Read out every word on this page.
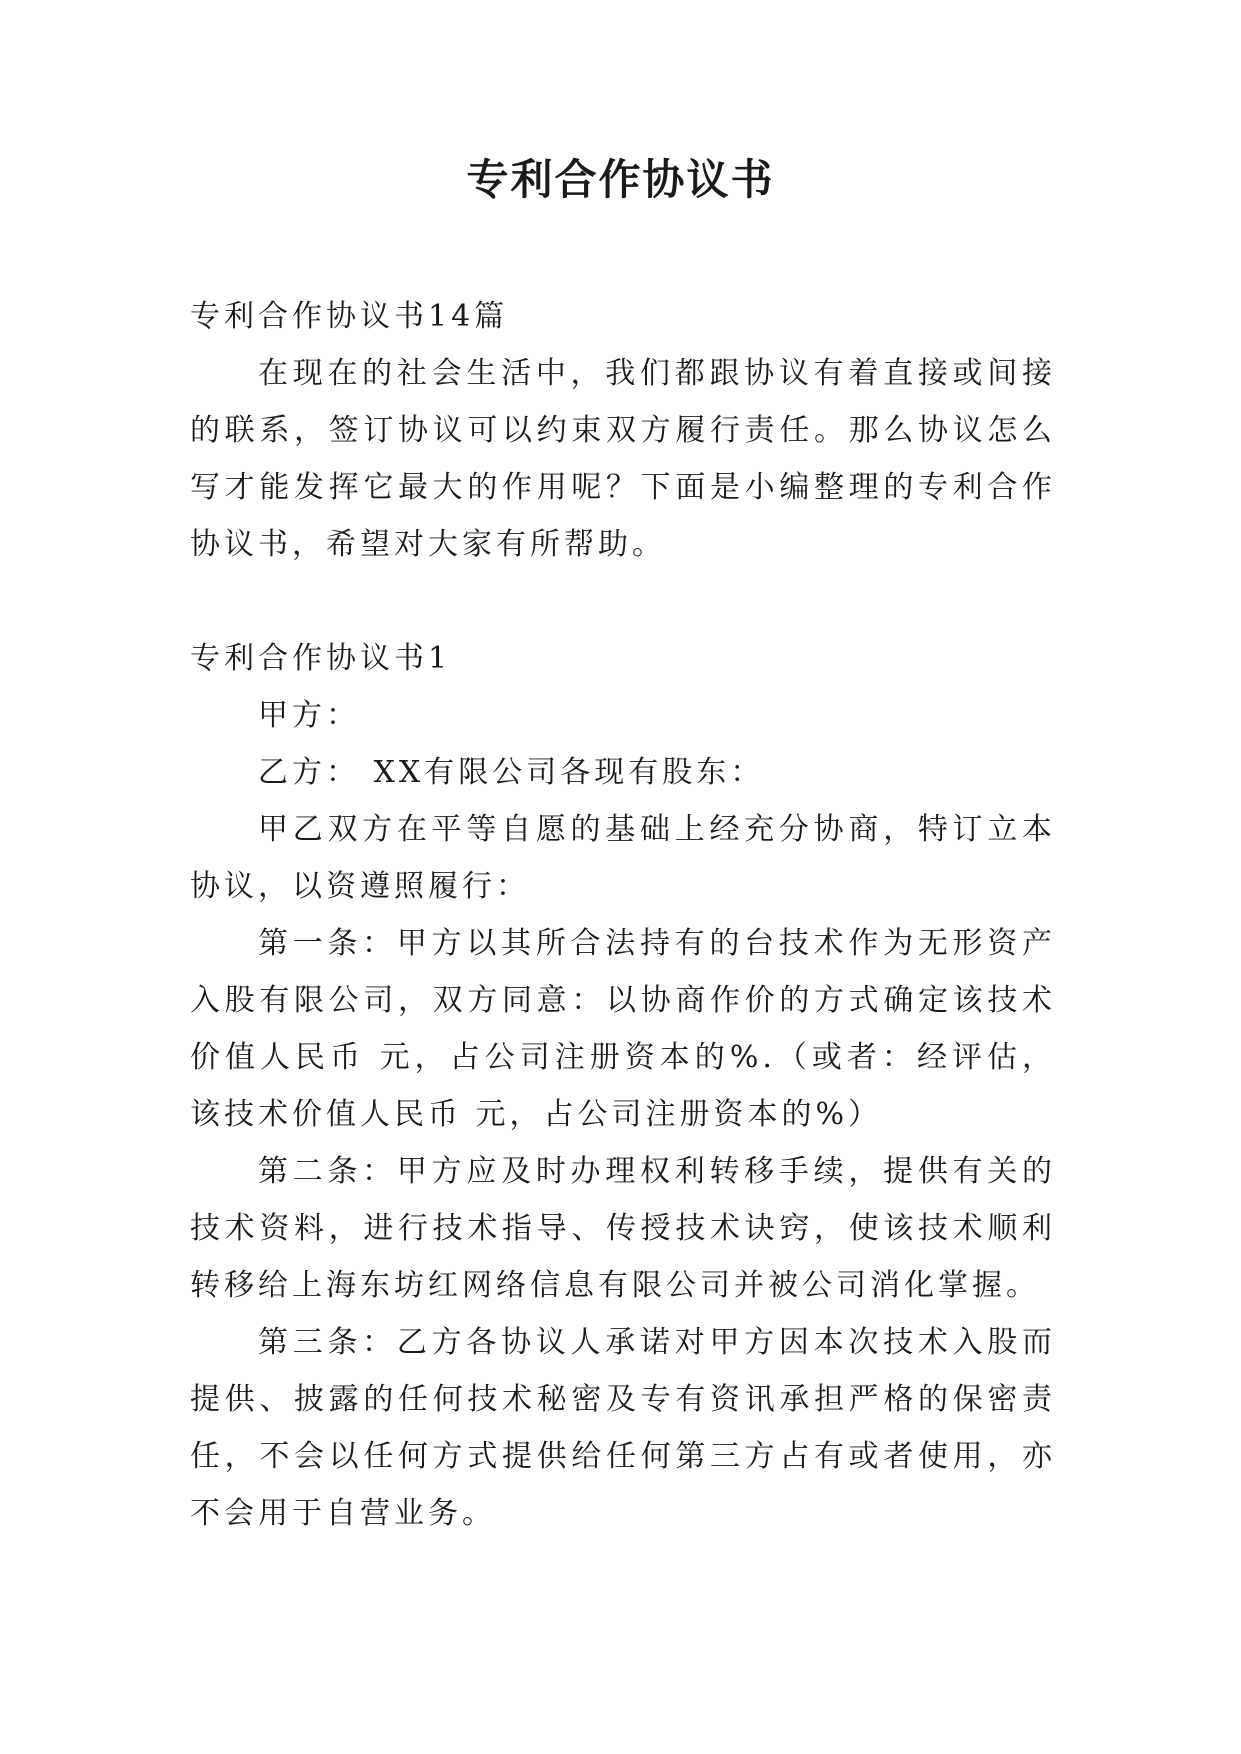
专利合作协议书

专利合作协议书14篇

在现在的社会生活中，我们都跟协议有着直接或间接的联系，签订协议可以约束双方履行责任。那么协议怎么写才能发挥它最大的作用呢？下面是小编整理的专利合作协议书，希望对大家有所帮助。

专利合作协议书1

甲方：

乙方： XX有限公司各现有股东：

甲乙双方在平等自愿的基础上经充分协商，特订立本协议，以资遵照履行：

第一条：甲方以其所合法持有的台技术作为无形资产入股有限公司，双方同意：以协商作价的方式确定该技术价值人民币 元，占公司注册资本的%.（或者：经评估，该技术价值人民币 元，占公司注册资本的%）

第二条：甲方应及时办理权利转移手续，提供有关的技术资料，进行技术指导、传授技术诀窍，使该技术顺利转移给上海东坊红网络信息有限公司并被公司消化掌握。

第三条：乙方各协议人承诺对甲方因本次技术入股而提供、披露的任何技术秘密及专有资讯承担严格的保密责任，不会以任何方式提供给任何第三方占有或者使用，亦不会用于自营业务。
